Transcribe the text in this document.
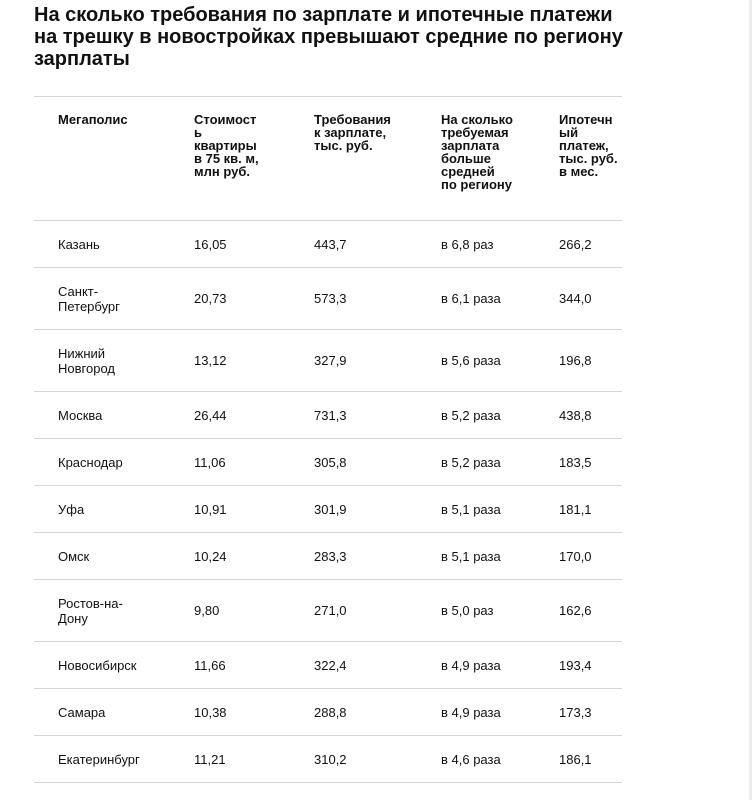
На сколько требования по зарплате и ипотечные платежи на трешку в новостройках превышают средние по региону зарплаты
Мегаполис	Стоимость квартиры в 75 кв. м, млн руб.	Требования к зарплате, тыс. руб.	На сколько требуемая зарплата больше средней по региону	Ипотечный платеж, тыс. руб. в мес.

Казань	16,05	443,7	в 6,8 раз	266,2

Санкт-Петербург	20,73	573,3	в 6,1 раза	344,0

Нижний Новгород	13,12	327,9	в 5,6 раза	196,8

Москва	26,44	731,3	в 5,2 раза	438,8

Краснодар	11,06	305,8	в 5,2 раза	183,5

Уфа	10,91	301,9	в 5,1 раза	181,1

Омск	10,24	283,3	в 5,1 раза	170,0

Ростов-на-Дону	9,80	271,0	в 5,0 раз	162,6

Новосибирск	11,66	322,4	в 4,9 раза	193,4

Самара	10,38	288,8	в 4,9 раза	173,3

Екатеринбург	11,21	310,2	в 4,6 раза	186,1
